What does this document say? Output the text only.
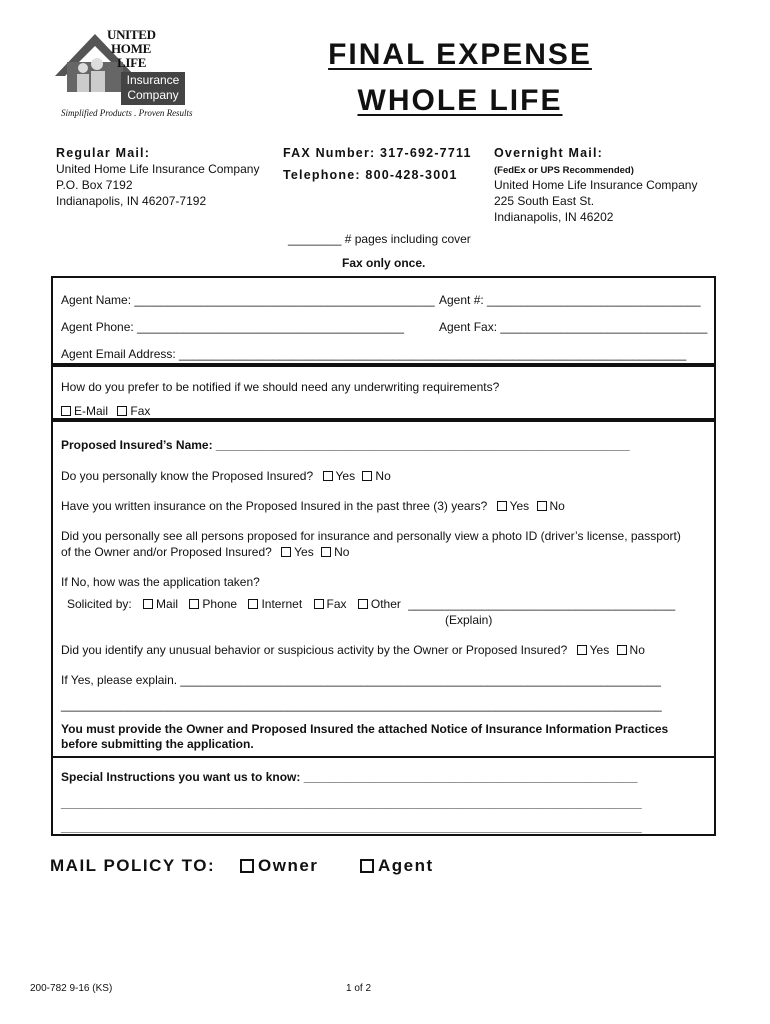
UNITED
HOME
LIFE
Insurance
Company
Simplified Products . Proven Results
FINAL EXPENSE
WHOLE LIFE
Regular Mail:
United Home Life Insurance Company
P.O. Box 7192
Indianapolis, IN 46207-7192
FAX Number: 317-692-7711
Telephone: 800-428-3001
Overnight Mail:
(FedEx or UPS Recommended)
United Home Life Insurance Company
225 South East St.
Indianapolis, IN 46202
________ # pages including cover
Fax only once.
Agent Name: _____________________________________________ Agent #: ________________________________
Agent Phone: ________________________________________	Agent Fax: _______________________________
Agent Email Address: ____________________________________________________________________________
How do you prefer to be notified if we should need any underwriting requirements?
E-Mail Fax
Proposed Insured’s Name: ______________________________________________________________
Do you personally know the Proposed Insured? Yes No
Have you written insurance on the Proposed Insured in the past three (3) years? Yes No
Did you personally see all persons proposed for insurance and personally view a photo ID (driver’s license, passport)
of the Owner and/or Proposed Insured? Yes No
If No, how was the application taken?
Solicited by: Mail Phone Internet Fax Other ________________________________________
(Explain)
Did you identify any unusual behavior or suspicious activity by the Owner or Proposed Insured? Yes No
If Yes, please explain. ________________________________________________________________________
__________________________________________________________________________________________
You must provide the Owner and Proposed Insured the attached Notice of Insurance Information Practices
before submitting the application.
Special Instructions you want us to know: __________________________________________________
_______________________________________________________________________________________
_______________________________________________________________________________________
MAIL POLICY TO:	Owner	Agent
200-782 9-16 (KS)	1 of 2
